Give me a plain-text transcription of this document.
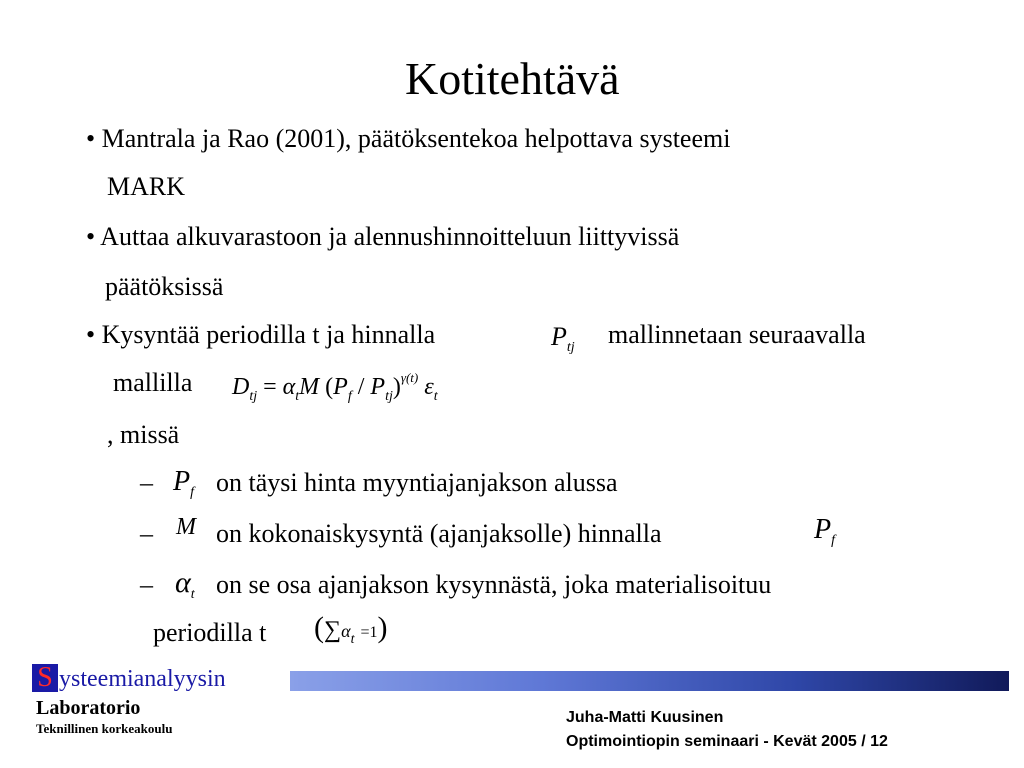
Kotitehtävä
• Mantrala ja Rao (2001), päätöksentekoa helpottava systeemi
MARK
• Auttaa alkuvarastoon ja alennushinnoitteluun liittyvissä
päätöksissä
• Kysyntää periodilla t ja hinnalla	$P_{tj}$ mallinnetaan seuraavalla
mallilla $D_{tj} = \alpha_tM$ $(P_f / P_{tj})^{\gamma(t)}$ $\varepsilon_t$
, missä
– $P_f$ on täysi hinta myyntiajanjakson alussa
– M on kokonaiskysyntä (ajanjaksolle) hinnalla	$P_f$
– $\alpha_t$ on se osa ajanjakson kysynnästä, joka materialisoituu
periodilla t $(\sum\alpha_t =1)$
S ysteemianalyysin
Laboratorio
Teknillinen korkeakoulu
Juha-Matti Kuusinen
Optimointiopin seminaari - Kevät 2005 / 12
